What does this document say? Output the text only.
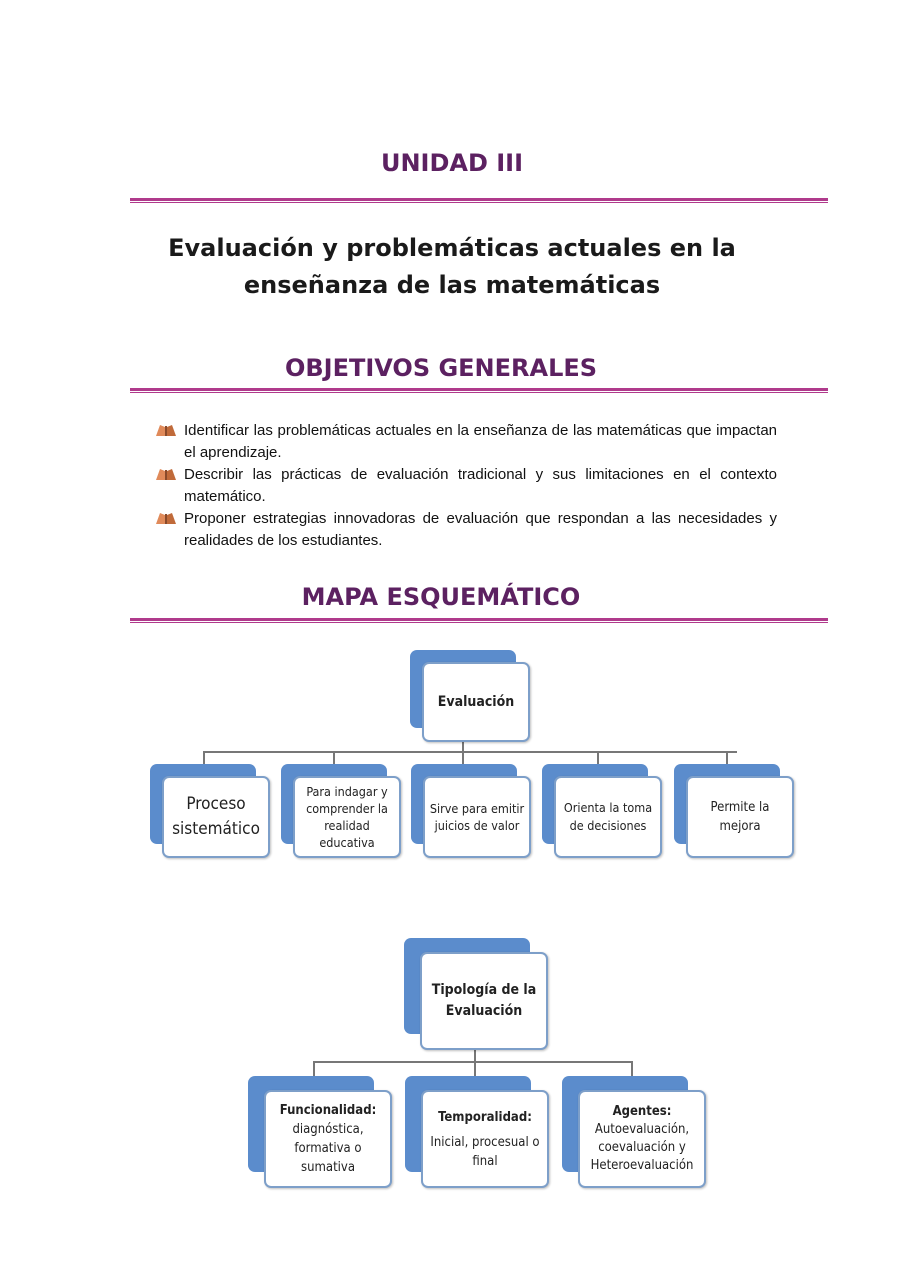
UNIDAD III

Evaluación y problemáticas actuales en la
enseñanza de las matemáticas

OBJETIVOS GENERALES
Identificar las problemáticas actuales en la enseñanza de las matemáticas que impactan el aprendizaje.
Describir las prácticas de evaluación tradicional y sus limitaciones en el contexto matemático.
Proponer estrategias innovadoras de evaluación que respondan a las necesidades y realidades de los estudiantes.
MAPA ESQUEMÁTICO
Evaluación
Proceso sistemático
Para indagar y comprender la realidad educativa
Sirve para emitir juicios de valor
Orienta la toma de decisiones
Permite la mejora
Tipología de la Evaluación
Funcionalidad:
diagnóstica, formativa o sumativa
Temporalidad:
Inicial, procesual o final
Agentes:
Autoevaluación, coevaluación y Heteroevaluación
